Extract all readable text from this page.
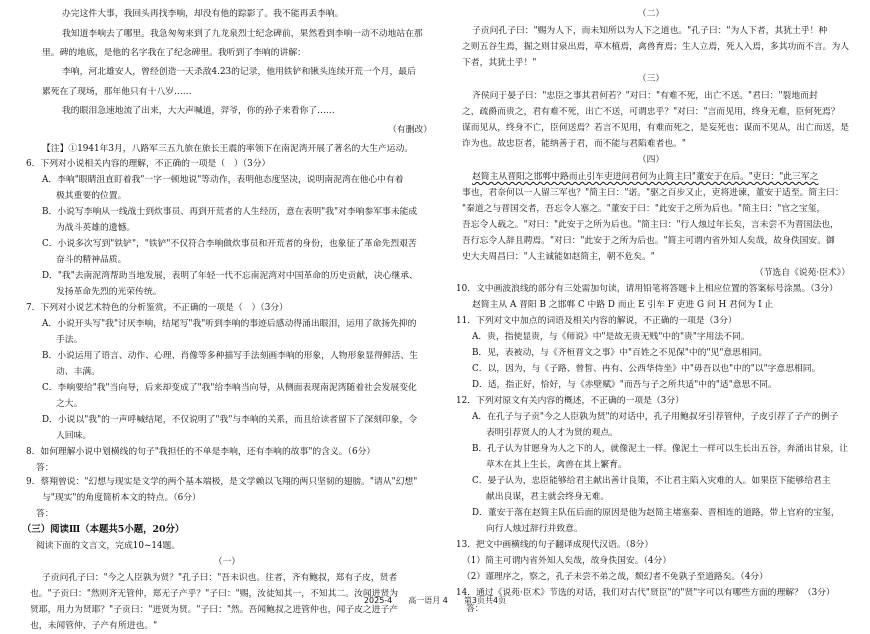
办完这件大事，我回头再找李响，却没有他的踪影了。我不能再丢李响。
我知道李响去了哪里。我急匆匆来到了九龙泉烈士纪念碑前，果然看到李响一动不动地站在那
里。碑的地底，是他的名字我在了纪念碑里。我听到了李响的讲解：
李响，河北雄安人，曾经创造一天杀敌4.23的记录，他用铁铲和锹头连续开荒一个月，最后
累死在了现场，那年他只有十八岁……
我的眼泪急速地流了出来，大大声喊道，羿爷，你的孙子来看你了……
（有删改）
【注】①1941年3月，八路军三五九旅在旅长王震的率领下在南泥湾开展了著名的大生产运动。
6．下列对小说相关内容的理解，不正确的一项是（　）（3分）
A．李响"眼睛沮直盯着我"一字一顿地说"等动作，表明他态度坚决，说明南泥湾在他心中有着
极其重要的位置。
B．小说写李响从一线战士到炊事员、再到开荒者的人生经历，意在表明"我"对李响参军事未能成
为战斗英雄的遗憾。
C．小说多次写到"铁铲"，"铁铲"不仅符合李响做炊事员和开荒者的身份，也象征了革命先烈艰苦
奋斗的精神品质。
D．"我"去南泥湾帮助当地发展，表明了年轻一代不忘南泥湾对中国革命的历史贡献，决心继承、
发扬革命先烈的光荣传统。
7．下列对小说艺术特色的分析鉴赏，不正确的一项是（　）（3分）
A．小说开头写"我"讨厌李响，结尾写"我"听到李响的事迹后感动得涌出眼泪，运用了欲扬先抑的
手法。
B．小说运用了语言、动作、心理、肖像等多种描写手法刻画李响的形象，人物形象显得鲜活、生
动、丰满。
C．李响要给"我"当向导，后来却变成了"我"给李响当向导，从侧面表现南泥湾随着社会发展变化
之大。
D．小说以"我"的一声呼喊结尾，不仅说明了"我"与李响的关系，而且给读者留下了深刻印象，令
人回味。
8．如何理解小说中划横线的句子"我担任的不单是李响，还有李响的故事"的含义。（6分）
答：
9．蔡翔曾说："幻想与现实是文学的两个基本端极，是文学赖以飞翔的两只坚韧的翅膀。"请从"幻想"
与"现实"的角度简析本文的特点。（6分）
答：
（三）阅读Ⅲ（本题共5小题，20分）
阅读下面的文言文，完成10~14题。
（一）
子贡问孔子曰："今之人臣孰为贤？"孔子曰："吾未识也。往者，齐有鲍叔，郑有子皮，贤者
也。"子贡曰："然则齐无管仲，郑无子产乎？"子曰："赐，汝徒知其一，不知其二。汝闻进贤为
贤耶，用力为贤耶？"子贡曰："进贤为贤。"子曰："然。吾闻鲍叔之进管仲也，闻子皮之进子产
也，未闻管仲、子产有所进也。"
（二）
子贡问孔子曰："赐为人下，而未知所以为人下之道也。"孔子曰："为人下者，其犹土乎！种
之则五谷生焉，掘之则甘泉出焉，草木植焉，禽兽育焉；生人立焉，死人入焉，多其功而不言。为人
下者，其犹土乎！"
（三）
齐侯问于晏子曰："忠臣之事其君何若？"对曰："有难不死，出亡不送。"君曰："裂地而封
之，疏爵而贵之，君有难不死，出亡不送，可谓忠乎？"对曰："言而见用，终身无难，臣何死焉？
谋而见从，终身不亡，臣何送焉？若言不见用，有难而死之，是妄死也；谋而不见从，出亡而送，是
诈为也。故忠臣者，能纳善于君，而不能与君陷难者也。"
（四）
赵简主从晋阳之邯郸中路而止引车吏进问君何为止简主曰"董安于在后。"吏曰："此三军之
事也，君奈何以一人留三军也？"简主曰："诺。"驱之百步又止，吏将进谏，董安于适至。简主曰：
"秦道之与晋国交者，吾忘令人塞之。"董安于曰："此安于之所为后也。"简主曰："官之宝玺，
吾忘令人载之。"对曰："此安于之所为后也。"简主曰："行人烛过年长矣，言未尝不为晋国法也，
吾行忘令人辞且聘焉。"对曰："此安于之所为后也。"简主可谓内省外知人矣哉，故身佚国安。御
史大夫周昌曰："人主诚能如赵简主，朝不危矣。"
（节选自《说苑·臣术》）
10．文中画波浪线的部分有三处需加句读，请用铅笔将答题卡上相应位置的答案标号涂黑。（3分）
赵简主从 A 晋阳 B 之邯郸 C 中路 D 而止 E 引车 F 吏进 G 问 H 君何为 I 止
11．下列对文中加点的词语及相关内容的解说，不正确的一项是（3分）
A．贵，指使显贵，与《师说》中"是故无贵无贱"中的"贵"字用法不同。
B．见，表被动，与《齐桓晋文之事》中"百姓之不见保"中的"见"意思相同。
C．以，因为，与《子路、曾皙、冉有、公西华侍坐》中"毋吾以也"中的"以"字意思相同。
D．适，指正好，恰好，与《赤壁赋》"而吾与子之所共适"中的"适"意思不同。
12．下列对原文有关内容的概述，不正确的一项是（3分）
A．在孔子与子贡"今之人臣孰为贤"的对话中，孔子用鲍叔牙引荐管仲，子皮引荐了子产的例子
表明引荐贤人的人才为贤的观点。
B．孔子认为甘愿身为人之下的人，就像泥土一样。像泥土一样可以生长出五谷，奔涌出甘泉，让
草木在其上生长，禽兽在其上繁育。
C．晏子认为，忠臣能够给君主献出善计良策，不让君主陷入灾难的人。如果臣下能够给君主
献出良谋，君主就会终身无难。
D．董安于落在赵简主队伍后面的原因是他为赵简主堵塞秦、晋相连的道路，带上官府的宝玺，
向行人烛过辞行并致意。
13．把文中画横线的句子翻译成现代汉语。（8分）
（1）简主可谓内省外知人矣哉，故身佚国安。（4分）
（2）谨理序之，察之，孔子未尝不弟之哉，颓幻者不免孰子至道路矣。（4分）
14．通过《说苑·臣术》节选的对话，我们对古代"贤臣"的"贤"字可以有哪些方面的理解？（3分）
答：
2025-4　　高一语月 4　　第3页共4页
